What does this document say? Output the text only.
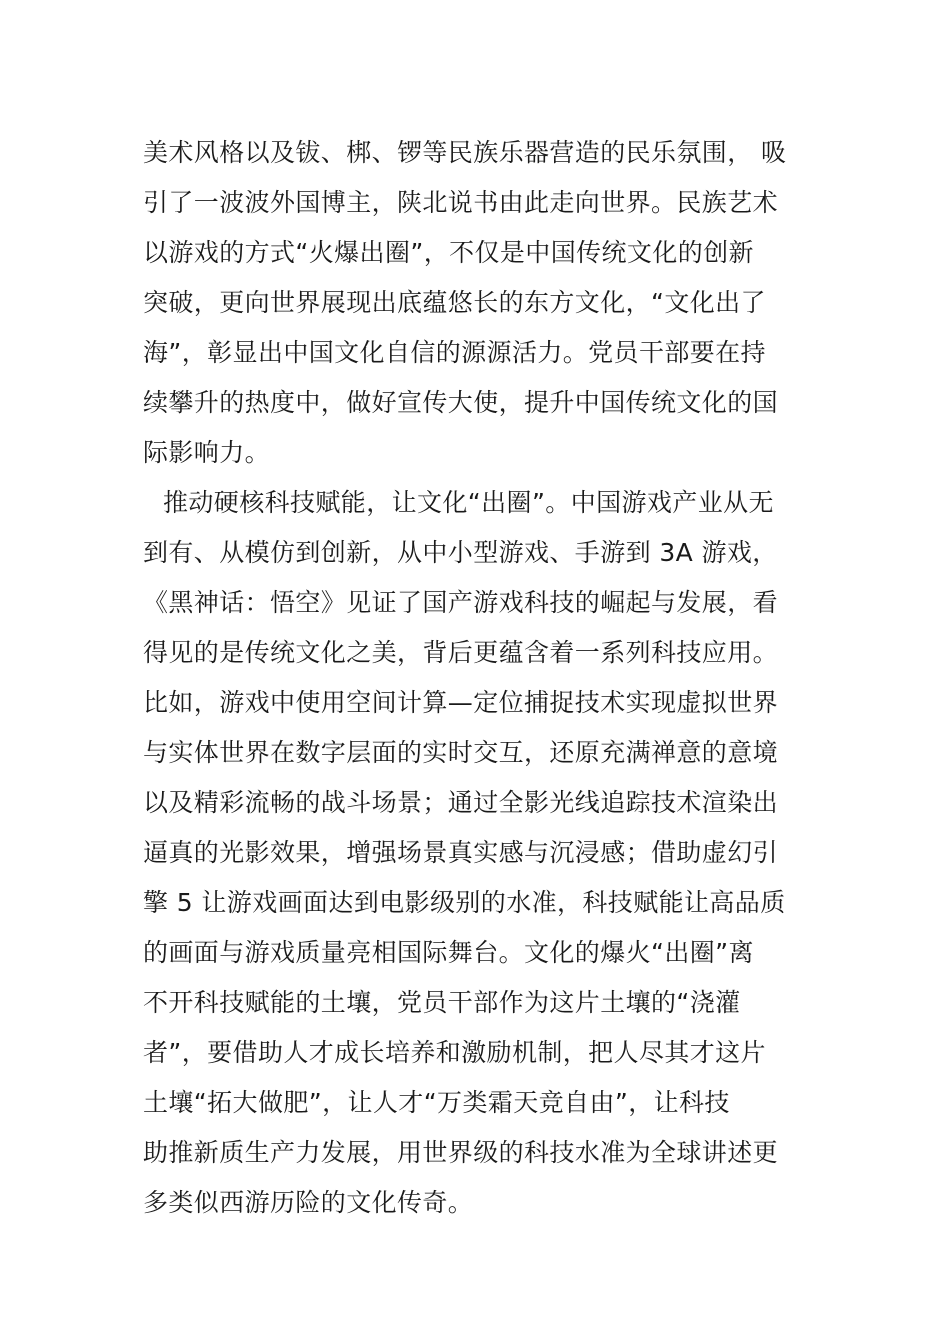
美术风格以及钹、梆、锣等民族乐器营造的民乐氛围， 吸
引了一波波外国博主，陕北说书由此走向世界。民族艺术
以游戏的方式“火爆出圈”，不仅是中国传统文化的创新
突破，更向世界展现出底蕴悠长的东方文化，“文化出了
海”，彰显出中国文化自信的源源活力。党员干部要在持
续攀升的热度中，做好宣传大使，提升中国传统文化的国
际影响力。
推动硬核科技赋能，让文化“出圈”。中国游戏产业从无
到有、从模仿到创新，从中小型游戏、手游到 3A 游戏，
《黑神话：悟空》见证了国产游戏科技的崛起与发展，看
得见的是传统文化之美，背后更蕴含着一系列科技应用。
比如，游戏中使用空间计算—定位捕捉技术实现虚拟世界
与实体世界在数字层面的实时交互，还原充满禅意的意境
以及精彩流畅的战斗场景；通过全影光线追踪技术渲染出
逼真的光影效果，增强场景真实感与沉浸感；借助虚幻引
擎 5 让游戏画面达到电影级别的水准，科技赋能让高品质
的画面与游戏质量亮相国际舞台。文化的爆火“出圈”离
不开科技赋能的土壤，党员干部作为这片土壤的“浇灌
者”，要借助人才成长培养和激励机制，把人尽其才这片
土壤“拓大做肥”，让人才“万类霜天竞自由”，让科技
助推新质生产力发展，用世界级的科技水准为全球讲述更
多类似西游历险的文化传奇。
